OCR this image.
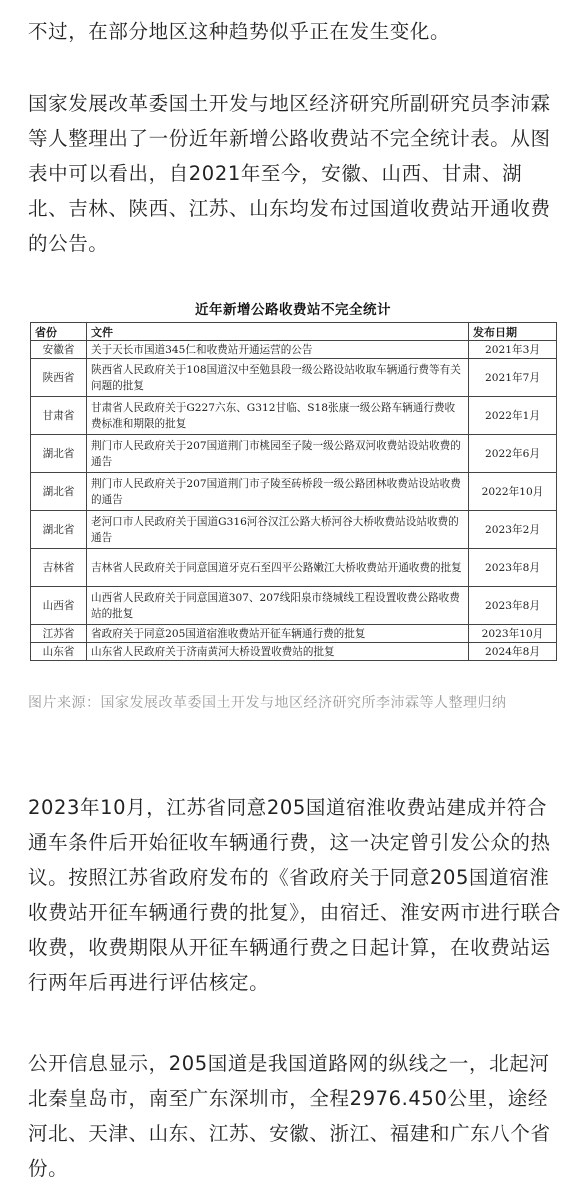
不过，在部分地区这种趋势似乎正在发生变化。

国家发展改革委国土开发与地区经济研究所副研究员李沛霖等人整理出了一份近年新增公路收费站不完全统计表。从图表中可以看出，自2021年至今，安徽、山西、甘肃、湖北、吉林、陕西、江苏、山东均发布过国道收费站开通收费的公告。

近年新增公路收费站不完全统计
省份	文件	发布日期
安徽省	关于天长市国道345仁和收费站开通运营的公告	2021年3月
陕西省	陕西省人民政府关于108国道汉中至勉县段一级公路设站收取车辆通行费等有关问题的批复	2021年7月
甘肃省	甘肃省人民政府关于G227六东、G312甘临、S18张康一级公路车辆通行费收费标准和期限的批复	2022年1月
湖北省	荆门市人民政府关于207国道荆门市桃园至子陵一级公路双河收费站设站收费的通告	2022年6月
湖北省	荆门市人民政府关于207国道荆门市子陵至砖桥段一级公路团林收费站设站收费的通告	2022年10月
湖北省	老河口市人民政府关于国道G316河谷汉江公路大桥河谷大桥收费站设站收费的通告	2023年2月
吉林省	吉林省人民政府关于同意国道牙克石至四平公路嫩江大桥收费站开通收费的批复	2023年8月
山西省	山西省人民政府关于同意国道307、207线阳泉市绕城线工程设置收费公路收费站的批复	2023年8月
江苏省	省政府关于同意205国道宿淮收费站开征车辆通行费的批复	2023年10月
山东省	山东省人民政府关于济南黄河大桥设置收费站的批复	2024年8月

图片来源：国家发展改革委国土开发与地区经济研究所李沛霖等人整理归纳

2023年10月，江苏省同意205国道宿淮收费站建成并符合通车条件后开始征收车辆通行费，这一决定曾引发公众的热议。按照江苏省政府发布的《省政府关于同意205国道宿淮收费站开征车辆通行费的批复》，由宿迁、淮安两市进行联合收费，收费期限从开征车辆通行费之日起计算，在收费站运行两年后再进行评估核定。

公开信息显示，205国道是我国道路网的纵线之一，北起河北秦皇岛市，南至广东深圳市，全程2976.450公里，途经河北、天津、山东、江苏、安徽、浙江、福建和广东八个省份。
